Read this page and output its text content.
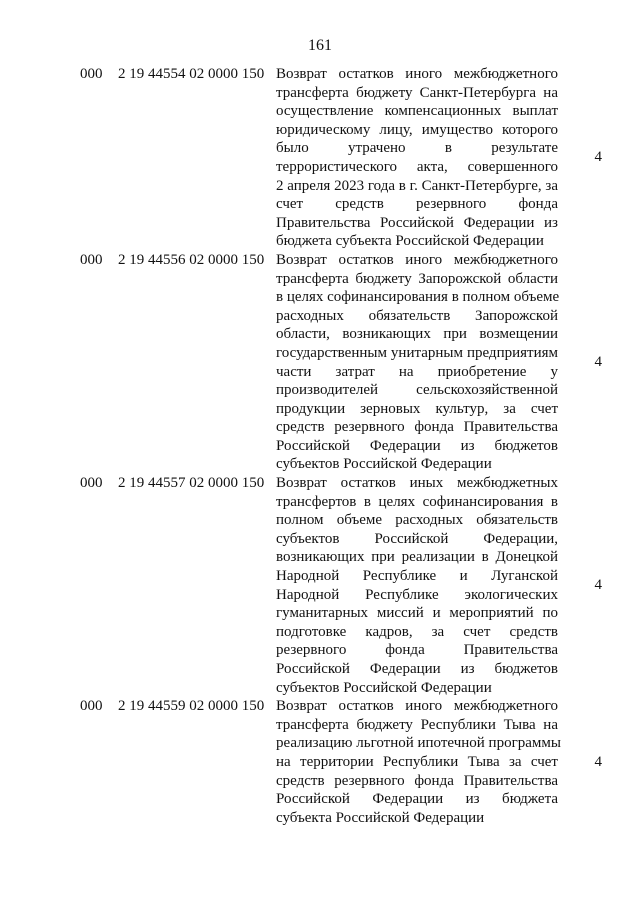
161
000	2 19 44554 02 0000 150 Возврат остатков иного межбюджетного
трансферта бюджету Санкт-Петербурга на
осуществление компенсационных выплат
юридическому лицу, имущество которого
было утрачено в результате
террористического акта, совершенного
2 апреля 2023 года в г. Санкт-Петербурге, за
счет средств резервного фонда
Правительства Российской Федерации из
бюджета субъекта Российской Федерации
4
000	2 19 44556 02 0000 150 Возврат остатков иного межбюджетного
трансферта бюджету Запорожской области
в целях софинансирования в полном объеме
расходных обязательств Запорожской
области, возникающих при возмещении
государственным унитарным предприятиям
части затрат на приобретение у
производителей сельскохозяйственной
продукции зерновых культур, за счет
средств резервного фонда Правительства
Российской Федерации из бюджетов
субъектов Российской Федерации
4
000	2 19 44557 02 0000 150 Возврат остатков иных межбюджетных
трансфертов в целях софинансирования в
полном объеме расходных обязательств
субъектов Российской Федерации,
возникающих при реализации в Донецкой
Народной Республике и Луганской
Народной Республике экологических
гуманитарных миссий и мероприятий по
подготовке кадров, за счет средств
резервного фонда Правительства
Российской Федерации из бюджетов
субъектов Российской Федерации
4
000	2 19 44559 02 0000 150 Возврат остатков иного межбюджетного
трансферта бюджету Республики Тыва на
реализацию льготной ипотечной программы
на территории Республики Тыва за счет
средств резервного фонда Правительства
Российской Федерации из бюджета
субъекта Российской Федерации
4
